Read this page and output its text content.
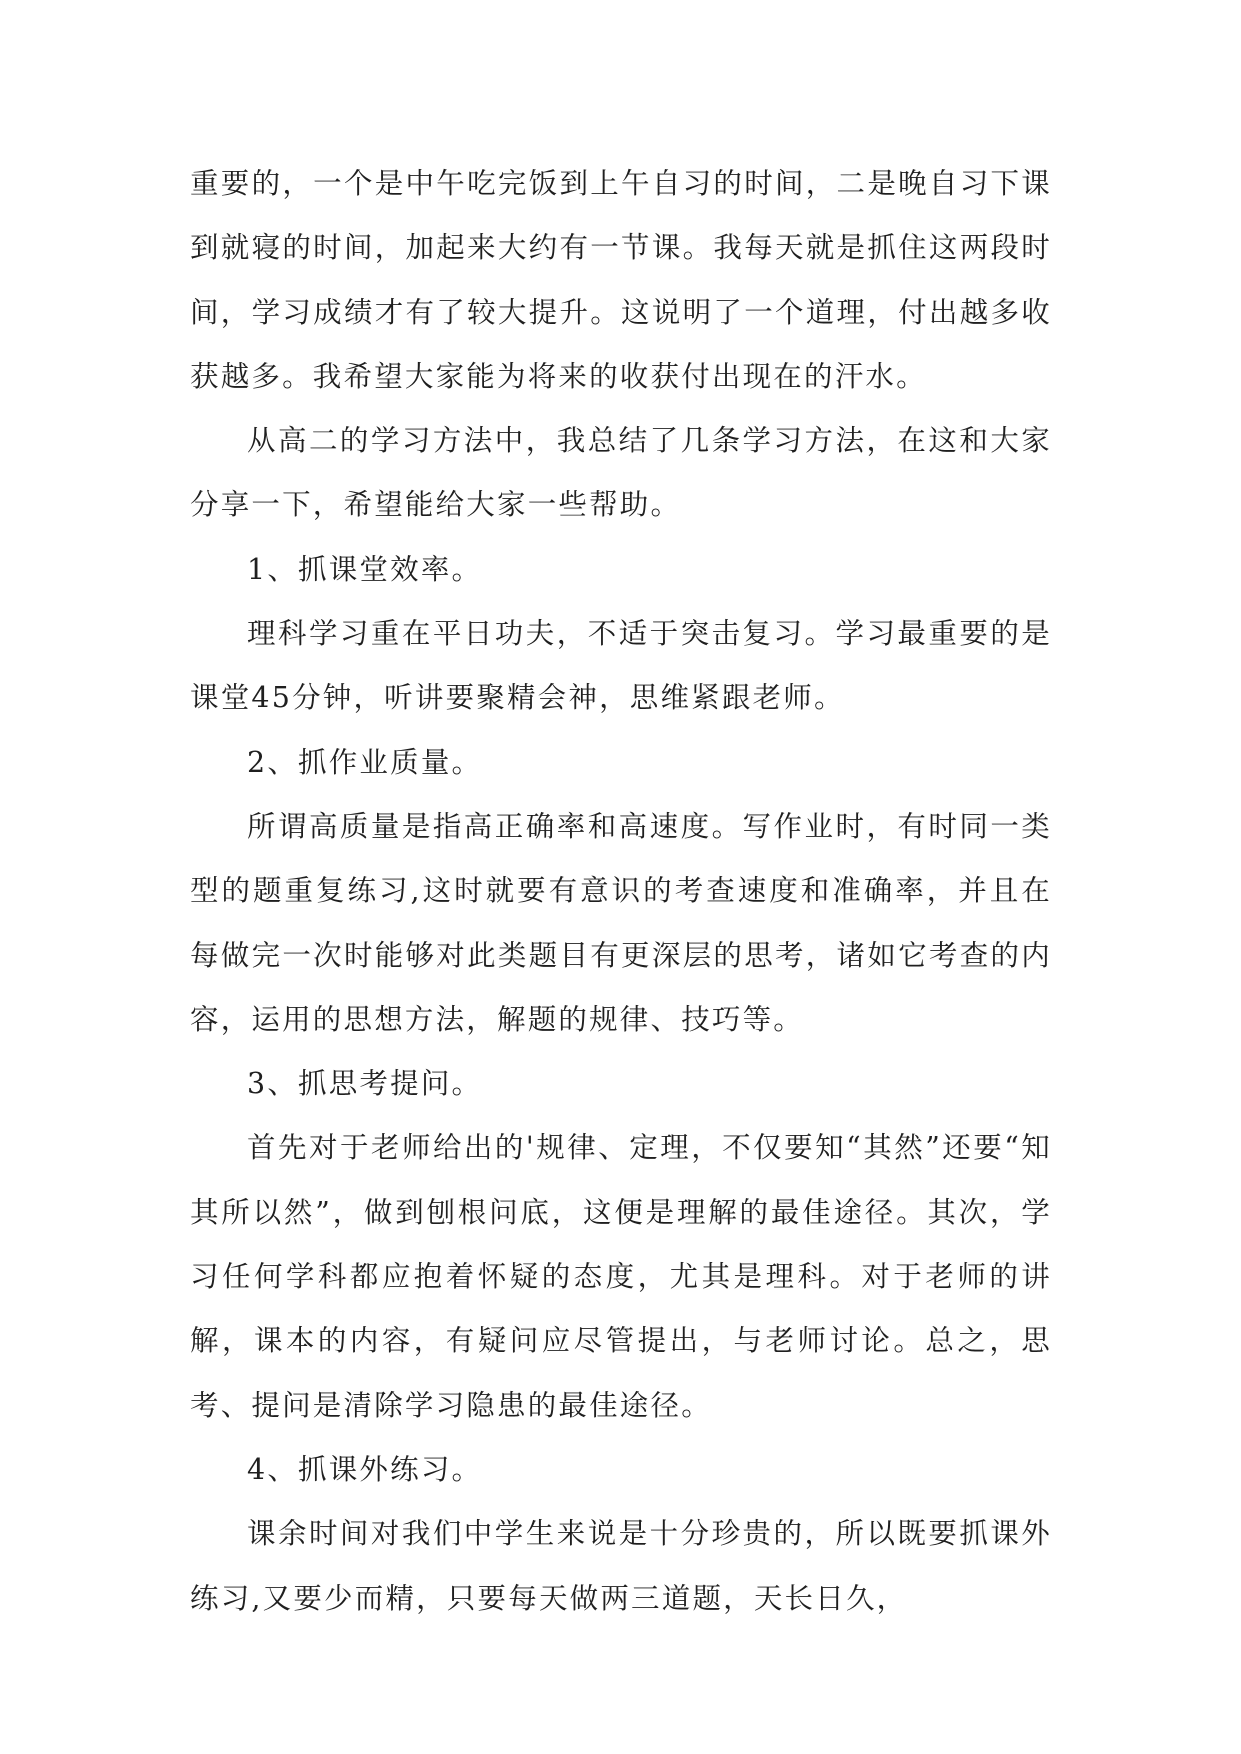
重要的，一个是中午吃完饭到上午自习的时间，二是晚自习下课到就寝的时间，加起来大约有一节课。我每天就是抓住这两段时间，学习成绩才有了较大提升。这说明了一个道理，付出越多收获越多。我希望大家能为将来的收获付出现在的汗水。

从高二的学习方法中，我总结了几条学习方法，在这和大家分享一下，希望能给大家一些帮助。

1、抓课堂效率。

理科学习重在平日功夫，不适于突击复习。学习最重要的是课堂45分钟，听讲要聚精会神，思维紧跟老师。

2、抓作业质量。

所谓高质量是指高正确率和高速度。写作业时，有时同一类型的题重复练习,这时就要有意识的考查速度和准确率，并且在每做完一次时能够对此类题目有更深层的思考，诸如它考查的内容，运用的思想方法，解题的规律、技巧等。

3、抓思考提问。

首先对于老师给出的'规律、定理，不仅要知“其然”还要“知其所以然”，做到刨根问底，这便是理解的最佳途径。其次，学习任何学科都应抱着怀疑的态度，尤其是理科。对于老师的讲解，课本的内容，有疑问应尽管提出，与老师讨论。总之，思考、提问是清除学习隐患的最佳途径。

4、抓课外练习。

课余时间对我们中学生来说是十分珍贵的，所以既要抓课外练习,又要少而精，只要每天做两三道题，天长日久，
